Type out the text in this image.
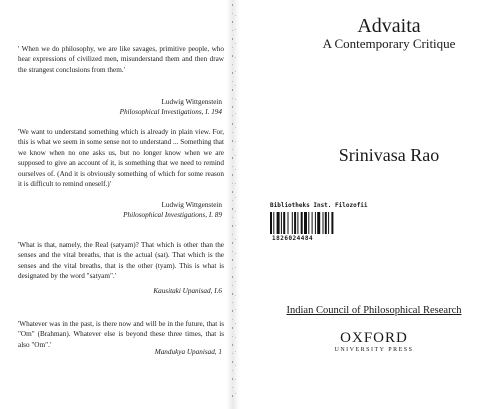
' When we do philosophy, we are like savages, primitive people, who hear expressions of civilized men, misunderstand them and then draw the strangest conclusions from them.'
Ludwig Wittgenstein
Philosophical Investigations, I. 194
'We want to understand something which is already in plain view. For, this is what we seem in some sense not to understand ... Something that we know when no one asks us, but no longer know when we are supposed to give an account of it, is something that we need to remind ourselves of. (And it is obviously something of which for some reason it is difficult to remind oneself.)'
Ludwig Wittgenstein
Philosophical Investigations, I. 89
'What is that, namely, the Real (satyam)? That which is other than the senses and the vital breaths, that is the actual (sat). That which is the senses and the vital breaths, that is the other (tyam). This is what is designated by the word "satyam".'
Kausitaki Upanisad, I.6
'Whatever was in the past, is there now and will be in the future, that is "Om" (Brahman). Whatever else is beyond these three times, that is also "Om".'
Mandukya Upanisad, 1
Advaita
A Contemporary Critique
Srinivasa Rao
Bibliotheks Inst. Filozofii
1826024484
Indian Council of Philosophical Research
OXFORD
UNIVERSITY PRESS
